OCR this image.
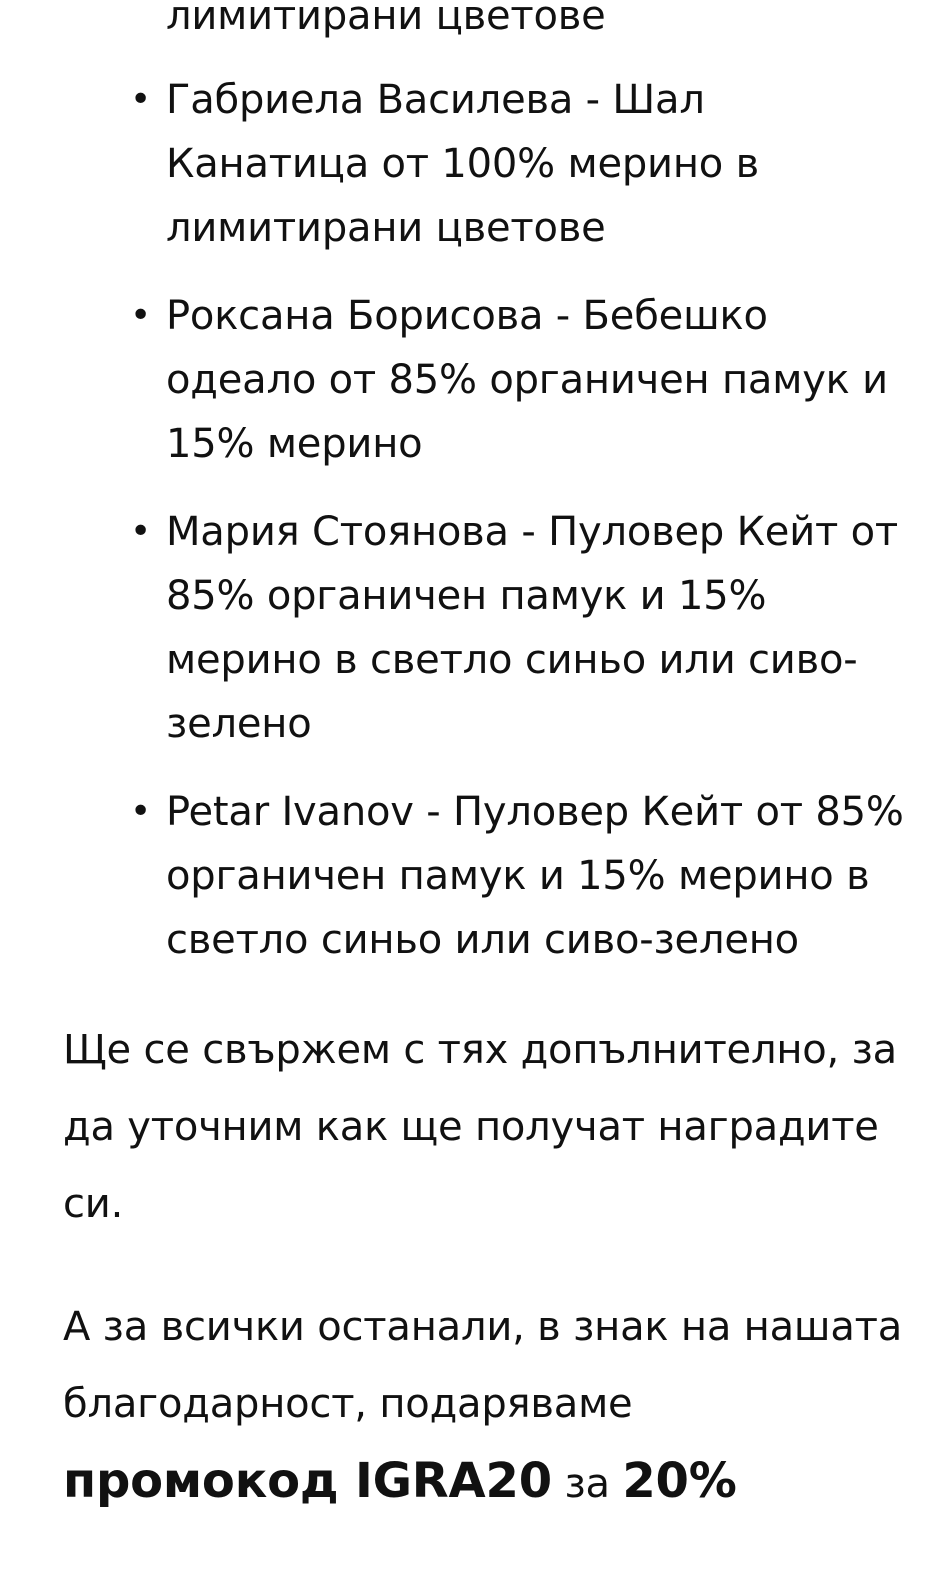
лимитирани цветове
• Габриела Василева - Шал Канатица от 100% мерино в лимитирани цветове
• Роксана Борисова - Бебешко одеало от 85% органичен памук и 15% мерино
• Мария Стоянова - Пуловер Кейт от 85% органичен памук и 15% мерино в светло синьо или сиво-зелено
• Petar Ivanov - Пуловер Кейт от 85% органичен памук и 15% мерино в светло синьо или сиво-зелено

Ще се свържем с тях допълнително, за да уточним как ще получат наградите си.

А за всички останали, в знак на нашата благодарност, подаряваме промокод IGRA20 за 20%
